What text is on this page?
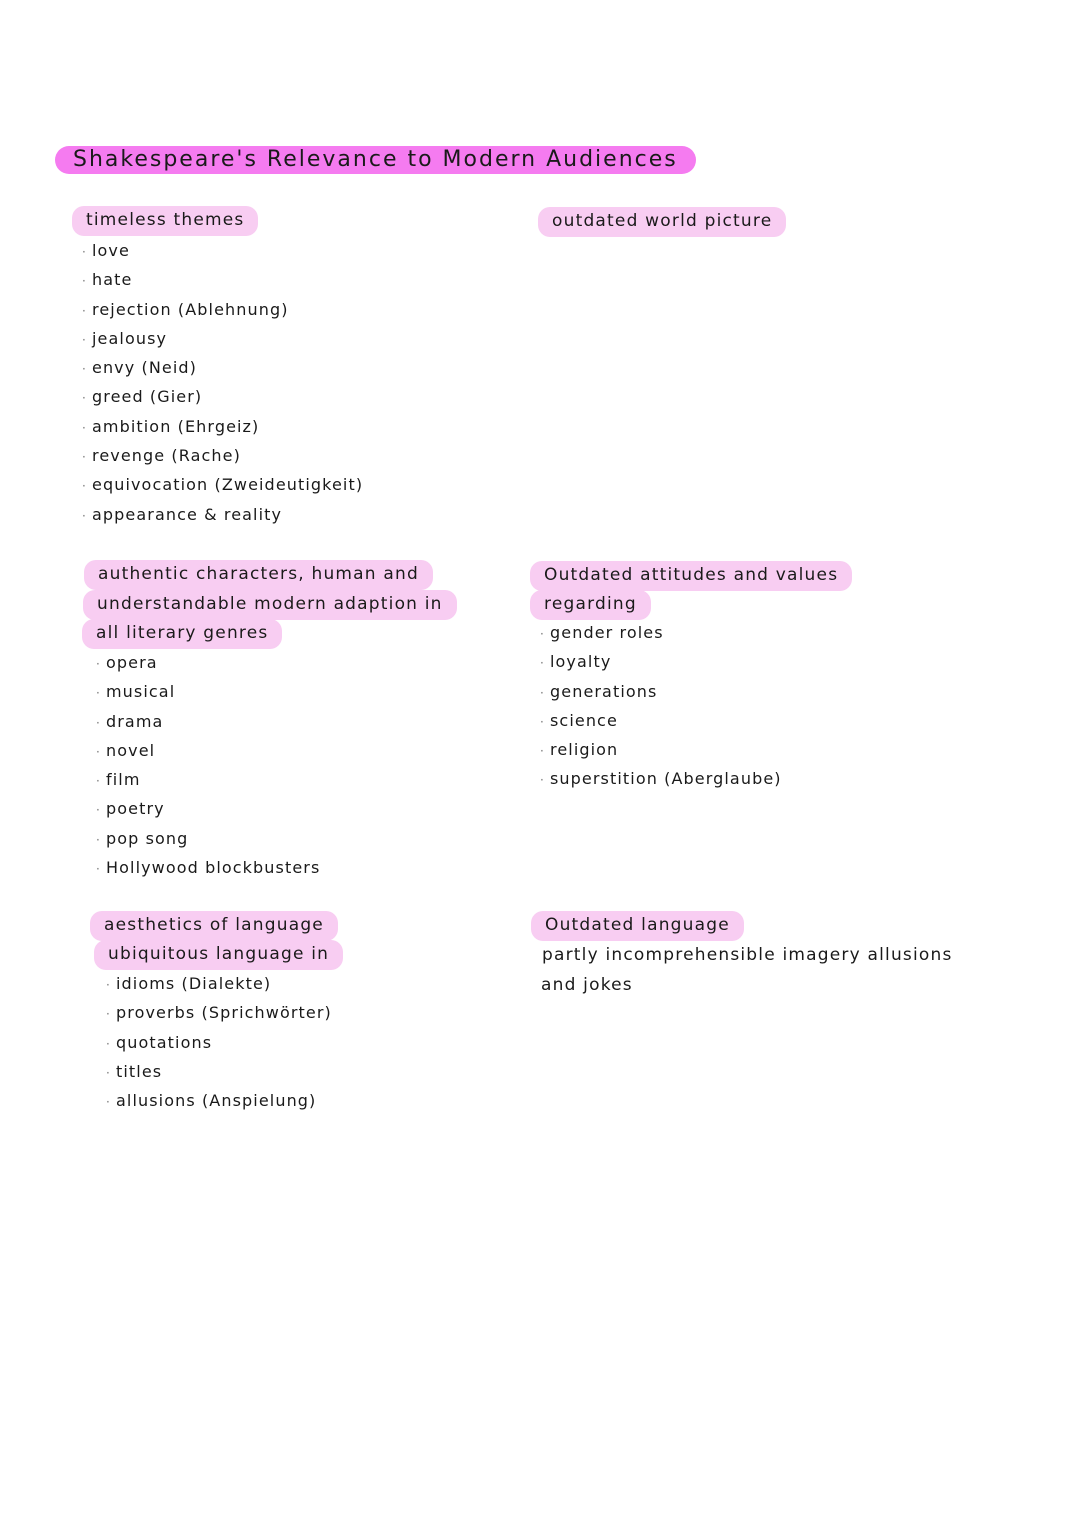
Shakespeare's Relevance to Modern Audiences
timeless themes
· love
· hate
· rejection (Ablehnung)
· jealousy
· envy (Neid)
· greed (Gier)
· ambition (Ehrgeiz)
· revenge (Rache)
· equivocation (Zweideutigkeit)
· appearance & reality
outdated world picture
authentic characters, human and
understandable modern adaption in
all literary genres
· opera
· musical
· drama
· novel
· film
· poetry
· pop song
· Hollywood blockbusters
Outdated attitudes and values
regarding
· gender roles
· loyalty
· generations
· science
· religion
· superstition (Aberglaube)
aesthetics of language
ubiquitous language in
· idioms (Dialekte)
· proverbs (Sprichwörter)
· quotations
· titles
· allusions (Anspielung)
Outdated language
partly incomprehensible imagery allusions
and jokes
